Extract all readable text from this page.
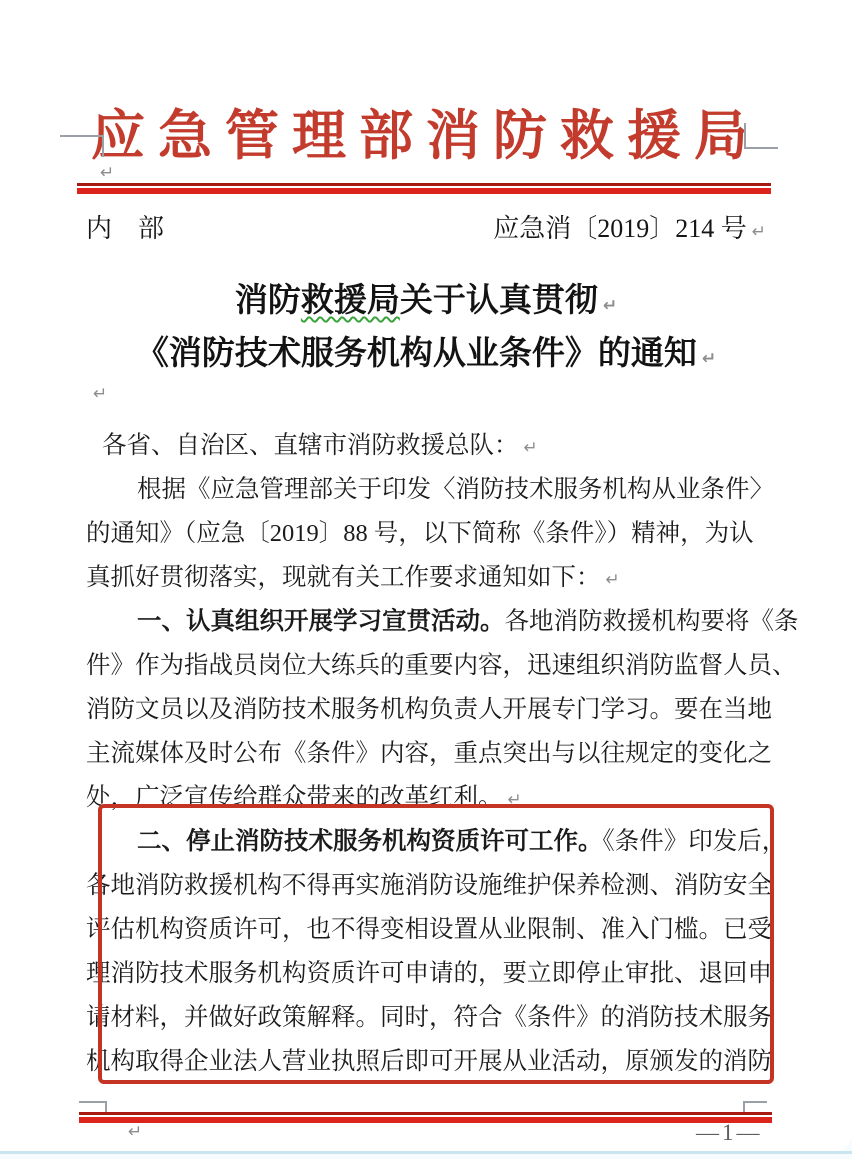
应急管理部消防救援局
↵
内　部	应急消〔2019〕214 号 ↵
消防救援局关于认真贯彻 ↵
《消防技术服务机构从业条件》的通知 ↵
↵
各省、自治区、直辖市消防救援总队： ↵
根据《应急管理部关于印发〈消防技术服务机构从业条件〉
的通知》（应急〔2019〕88 号，以下简称《条件》）精神，为认
真抓好贯彻落实，现就有关工作要求通知如下： ↵
一、认真组织开展学习宣贯活动。各地消防救援机构要将《条
件》作为指战员岗位大练兵的重要内容，迅速组织消防监督人员、
消防文员以及消防技术服务机构负责人开展专门学习。要在当地
主流媒体及时公布《条件》内容，重点突出与以往规定的变化之
处，广泛宣传给群众带来的改革红利。 ↵
二、停止消防技术服务机构资质许可工作。《条件》印发后，
各地消防救援机构不得再实施消防设施维护保养检测、消防安全
评估机构资质许可，也不得变相设置从业限制、准入门槛。已受
理消防技术服务机构资质许可申请的，要立即停止审批、退回申
请材料，并做好政策解释。同时，符合《条件》的消防技术服务
机构取得企业法人营业执照后即可开展从业活动，原颁发的消防
↵	—1—
